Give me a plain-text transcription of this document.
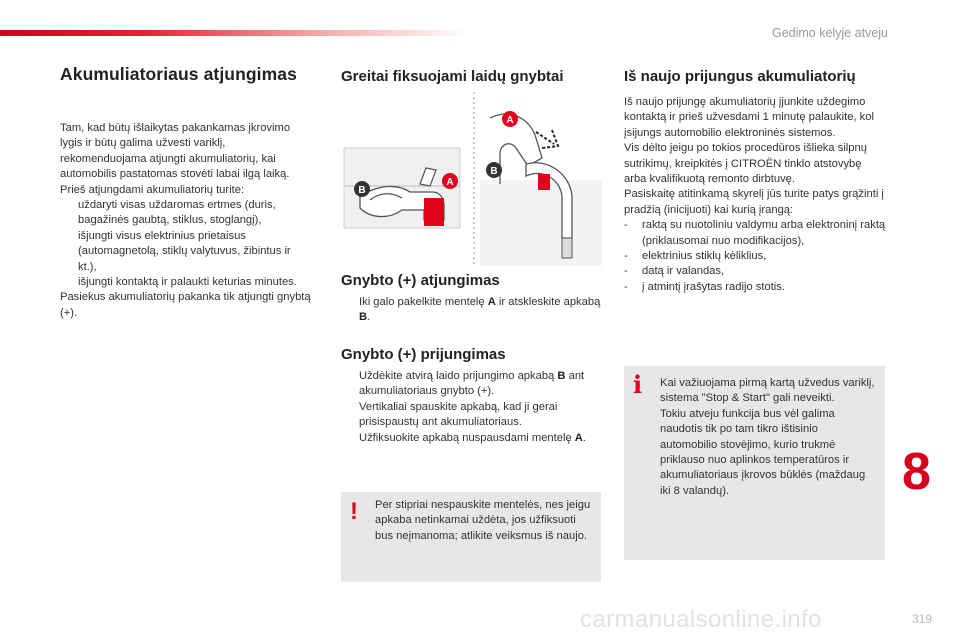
Gedimo kelyje atveju
Akumuliatoriaus atjungimas

Tam, kad būtų išlaikytas pakankamas įkrovimo lygis ir būtų galima užvesti variklį, rekomenduojama atjungti akumuliatorių, kai automobilis pastatomas stovėti labai ilgą laiką.

Prieš atjungdami akumuliatorių turite:

uždaryti visas uždaromas ertmes (duris, bagažinės gaubtą, stiklus, stoglangį),
išjungti visus elektrinius prietaisus (automagnetolą, stiklų valytuvus, žibintus ir kt.),
išjungti kontaktą ir palaukti keturias minutes.

Pasiekus akumuliatorių pakanka tik atjungti gnybtą (+).

Greitai fiksuojami laidų gnybtai
B
A
A
B
Gnybto (+) atjungimas
Iki galo pakelkite mentelę A ir atskleskite apkabą B.
Gnybto (+) prijungimas
Uždėkite atvirą laido prijungimo apkabą B ant akumuliatoriaus gnybto (+).
Vertikaliai spauskite apkabą, kad ji gerai prisispaustų ant akumuliatoriaus.
Užfiksuokite apkabą nuspausdami mentelę A.
! Per stipriai nespauskite mentelės, nes jeigu apkaba netinkamai uždėta, jos užfiksuoti bus neįmanoma; atlikite veiksmus iš naujo.
Iš naujo prijungus akumuliatorių

Iš naujo prijungę akumuliatorių įjunkite uždegimo kontaktą ir prieš užvesdami 1 minutę palaukite, kol įsijungs automobilio elektroninės sistemos.

Vis dėlto jeigu po tokios procedūros išlieka silpnų sutrikimų, kreipkitės į CITROËN tinklo atstovybę arba kvalifikuotą remonto dirbtuvę.

Pasiskaitę atitinkamą skyrelį jūs turite patys grąžinti į pradžią (inicijuoti) kai kurią įrangą:

-	raktą su nuotoliniu valdymu arba elektroninį raktą (priklausomai nuo modifikacijos),
-	elektrinius stiklų kėliklius,
-	datą ir valandas,
-	į atmintį įrašytas radijo stotis.
i Kai važiuojama pirmą kartą užvedus variklį, sistema "Stop & Start" gali neveikti.
Tokiu atveju funkcija bus vėl galima naudotis tik po tam tikro ištisinio automobilio stovėjimo, kurio trukmė priklauso nuo aplinkos temperatūros ir akumuliatoriaus įkrovos būklės (maždaug iki 8 valandų).	8
carmanualsonline.info	319
